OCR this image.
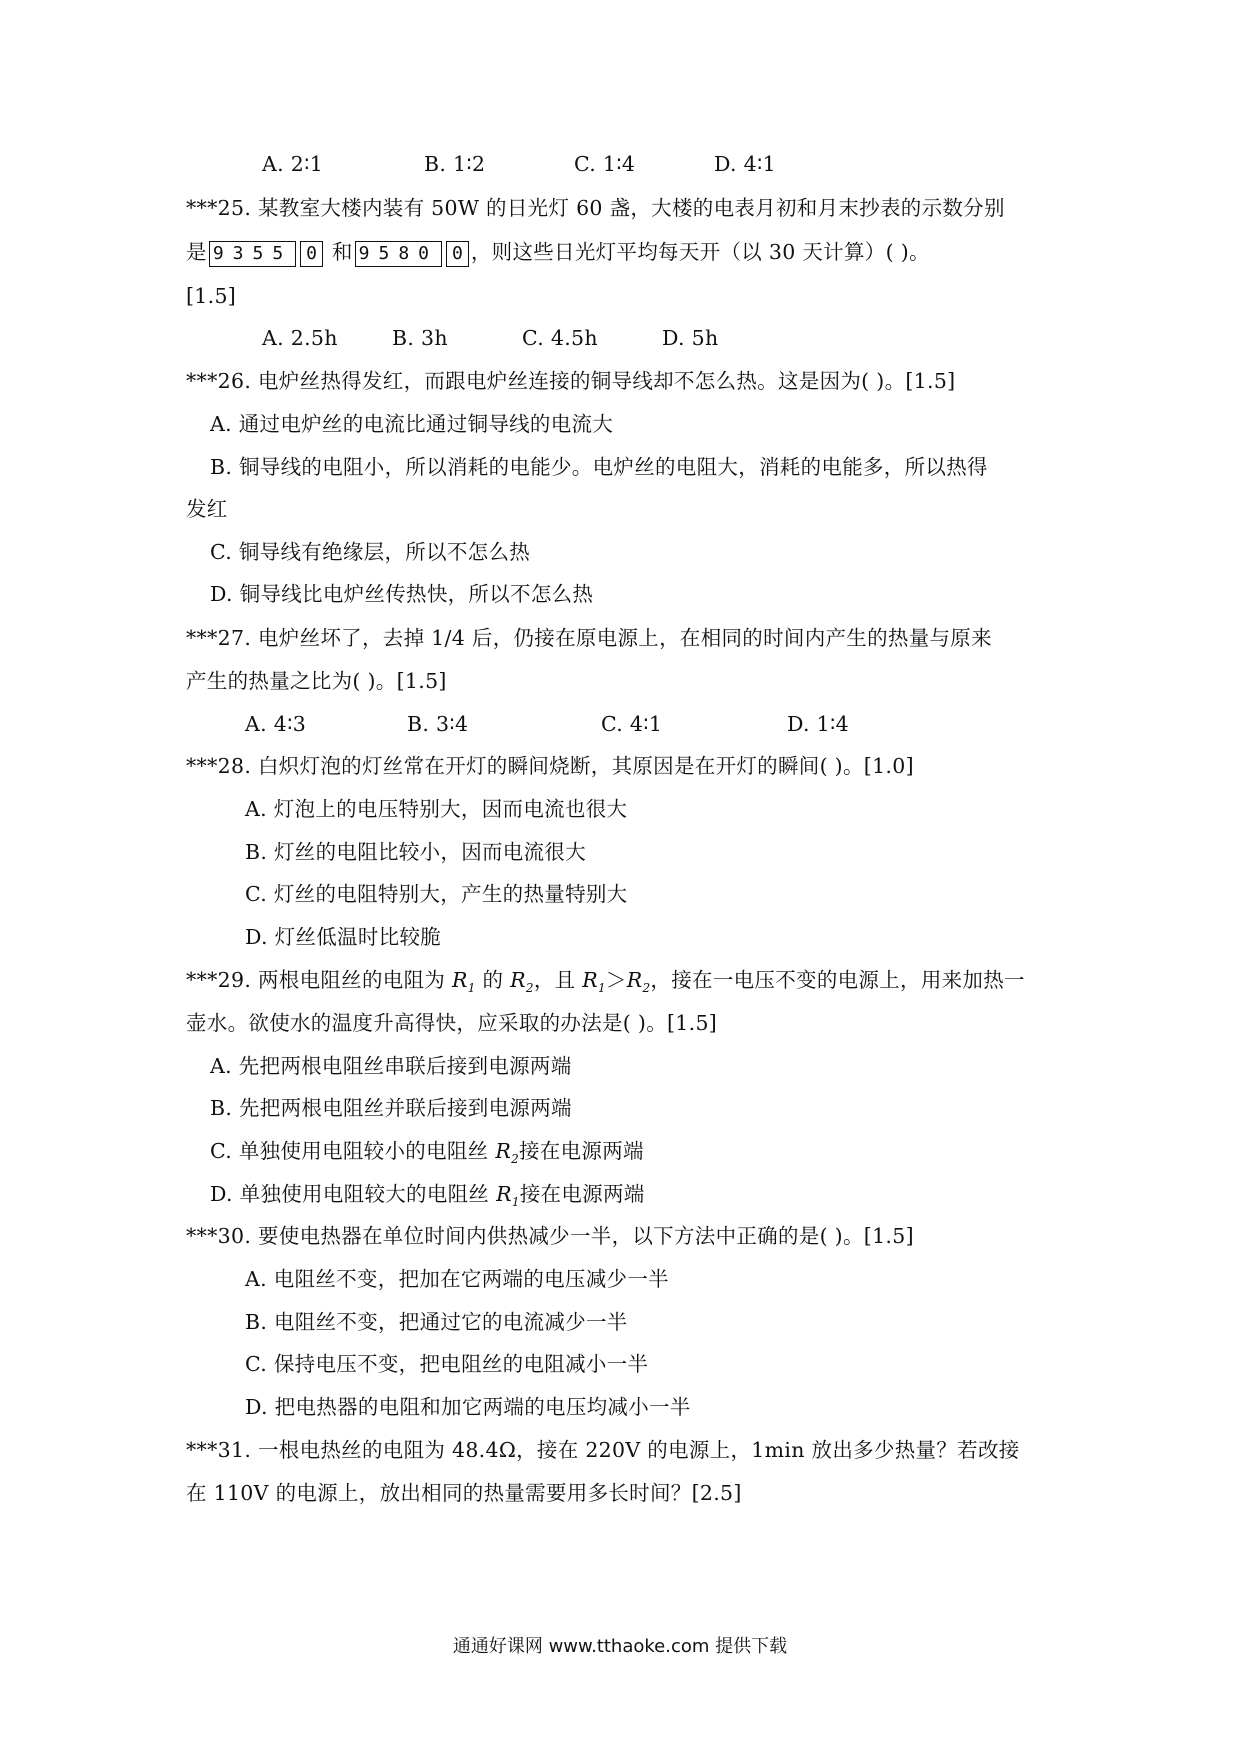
A. 2∶1	B. 1∶2	C. 1∶4	D. 4∶1
***25. 某教室大楼内装有 50W 的日光灯 60 盏，大楼的电表月初和月末抄表的示数分别
是 9355 0 和 9580 0 ，则这些日光灯平均每天开（以 30 天计算）( )。
[1.5]
A. 2.5h	B. 3h	C. 4.5h	D. 5h
***26. 电炉丝热得发红，而跟电炉丝连接的铜导线却不怎么热。这是因为( )。[1.5]
A. 通过电炉丝的电流比通过铜导线的电流大
B. 铜导线的电阻小，所以消耗的电能少。电炉丝的电阻大，消耗的电能多，所以热得
发红
C. 铜导线有绝缘层，所以不怎么热
D. 铜导线比电炉丝传热快，所以不怎么热
***27. 电炉丝坏了，去掉 1/4 后，仍接在原电源上，在相同的时间内产生的热量与原来
产生的热量之比为( )。[1.5]
A. 4∶3	B. 3∶4	C. 4∶1	D. 1∶4
***28. 白炽灯泡的灯丝常在开灯的瞬间烧断，其原因是在开灯的瞬间( )。[1.0]
A. 灯泡上的电压特别大，因而电流也很大
B. 灯丝的电阻比较小，因而电流很大
C. 灯丝的电阻特别大，产生的热量特别大
D. 灯丝低温时比较脆
***29. 两根电阻丝的电阻为 $R_1$ 的 $R_2$，且 $R_1>R_2$，接在一电压不变的电源上，用来加热一
壶水。欲使水的温度升高得快，应采取的办法是( )。[1.5]
A. 先把两根电阻丝串联后接到电源两端
B. 先把两根电阻丝并联后接到电源两端
C. 单独使用电阻较小的电阻丝 $R_2$接在电源两端
D. 单独使用电阻较大的电阻丝 $R_1$接在电源两端
***30. 要使电热器在单位时间内供热减少一半，以下方法中正确的是( )。[1.5]
A. 电阻丝不变，把加在它两端的电压减少一半
B. 电阻丝不变，把通过它的电流减少一半
C. 保持电压不变，把电阻丝的电阻减小一半
D. 把电热器的电阻和加它两端的电压均减小一半
***31. 一根电热丝的电阻为 48.4Ω，接在 220V 的电源上，1min 放出多少热量？若改接
在 110V 的电源上，放出相同的热量需要用多长时间？[2.5]
通通好课网 www.tthaoke.com 提供下载
